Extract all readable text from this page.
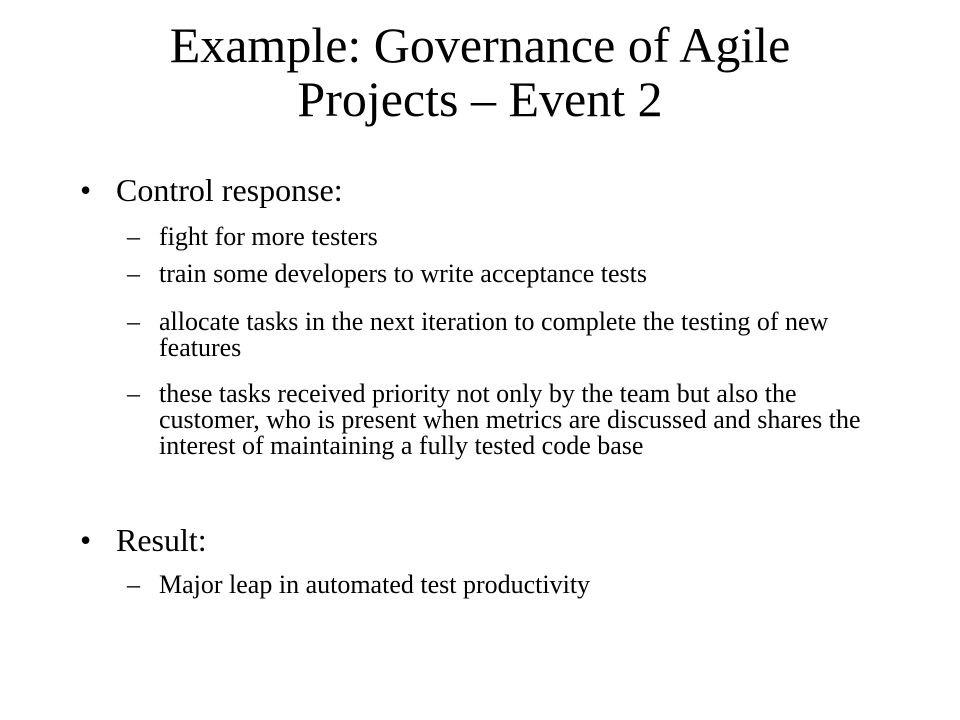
Example: Governance of Agile
Projects – Event 2
• Control response:
– fight for more testers
– train some developers to write acceptance tests
– allocate tasks in the next iteration to complete the testing of new features
– these tasks received priority not only by the team but also the customer, who is present when metrics are discussed and shares the interest of maintaining a fully tested code base
• Result:
– Major leap in automated test productivity
